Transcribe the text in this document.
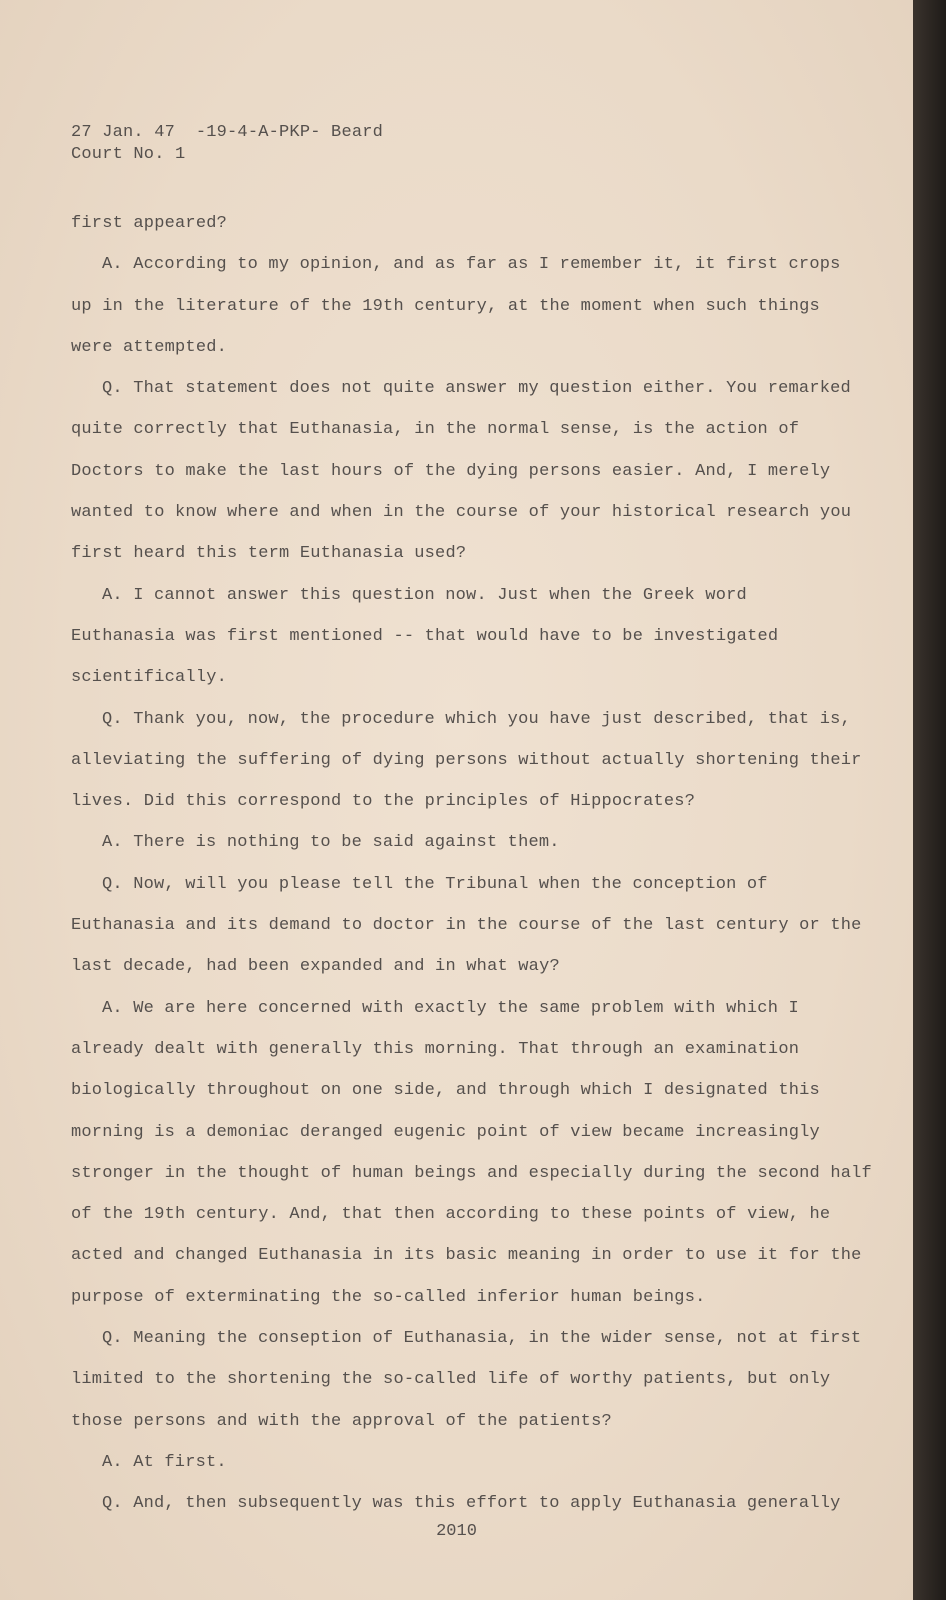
27 Jan. 47  -19-4-A-PKP- Beard
Court No. 1
first appeared?
A. According to my opinion, and as far as I remember it, it first crops
up in the literature of the 19th century, at the moment when such things
were attempted.
Q. That statement does not quite answer my question either. You remarked
quite correctly that Euthanasia, in the normal sense, is the action of
Doctors to make the last hours of the dying persons easier. And, I merely
wanted to know where and when in the course of your historical research you
first heard this term Euthanasia used?
A. I cannot answer this question now. Just when the Greek word
Euthanasia was first mentioned -- that would have to be investigated
scientifically.
Q. Thank you, now, the procedure which you have just described, that is,
alleviating the suffering of dying persons without actually shortening their
lives. Did this correspond to the principles of Hippocrates?
A. There is nothing to be said against them.
Q. Now, will you please tell the Tribunal when the conception of
Euthanasia and its demand to doctor in the course of the last century or the
last decade, had been expanded and in what way?
A. We are here concerned with exactly the same problem with which I
already dealt with generally this morning. That through an examination
biologically throughout on one side, and through which I designated this
morning is a demoniac deranged eugenic point of view became increasingly
stronger in the thought of human beings and especially during the second half
of the 19th century. And, that then according to these points of view, he
acted and changed Euthanasia in its basic meaning in order to use it for the
purpose of exterminating the so-called inferior human beings.
Q. Meaning the conseption of Euthanasia, in the wider sense, not at first
limited to the shortening the so-called life of worthy patients, but only
those persons and with the approval of the patients?
A. At first.
Q. And, then subsequently was this effort to apply Euthanasia generally
2010
